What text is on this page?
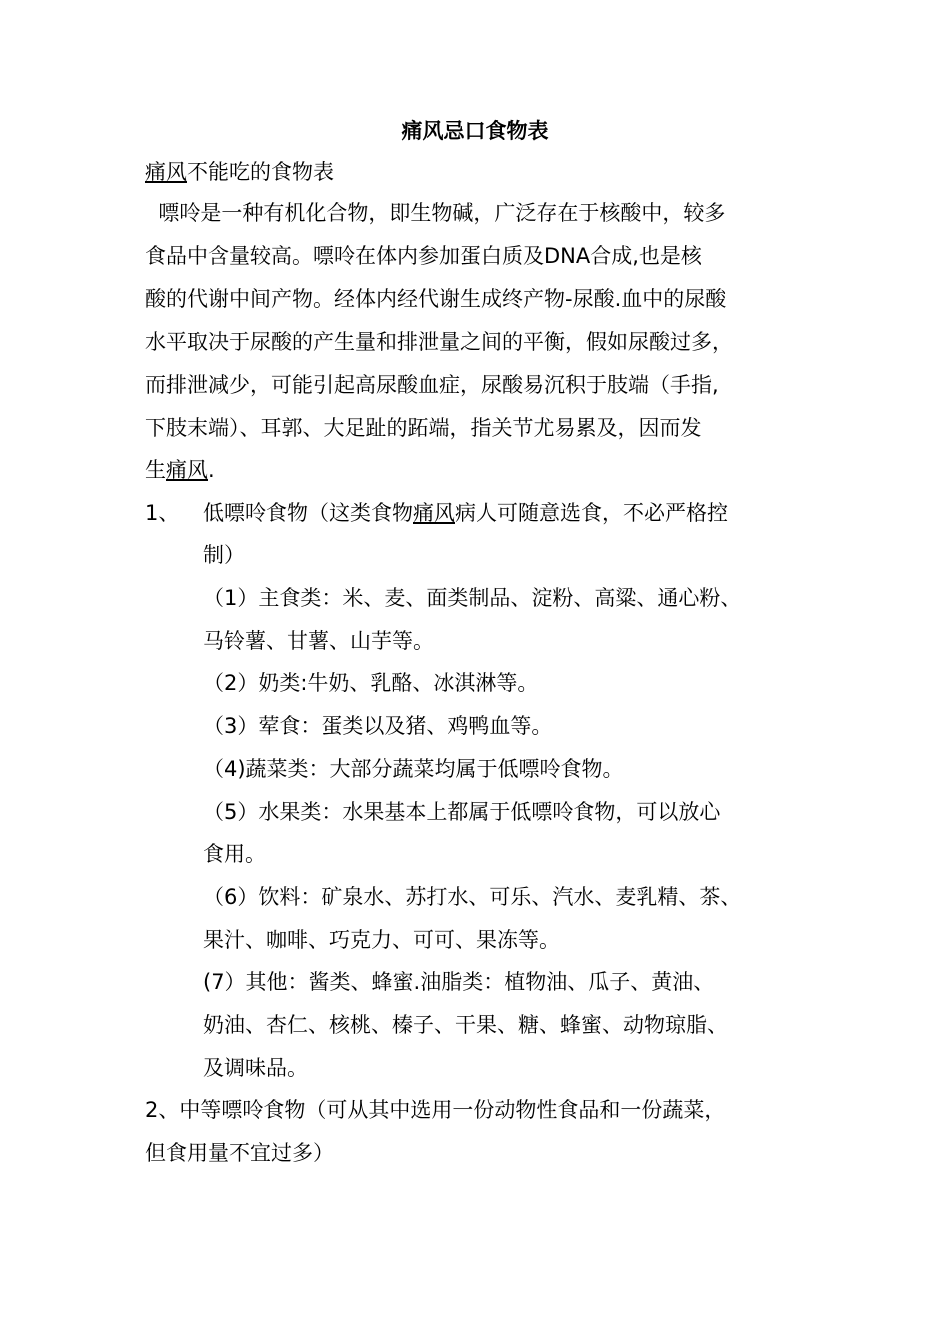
痛风忌口食物表
痛风不能吃的食物表
嘌呤是一种有机化合物，即生物碱，广泛存在于核酸中，较多
食品中含量较高。嘌呤在体内参加蛋白质及DNA合成,也是核
酸的代谢中间产物。经体内经代谢生成终产物-尿酸.血中的尿酸
水平取决于尿酸的产生量和排泄量之间的平衡，假如尿酸过多，
而排泄减少，可能引起高尿酸血症，尿酸易沉积于肢端（手指,
下肢末端）、耳郭、大足趾的跖端，指关节尤易累及，因而发
生痛风.
1、 低嘌呤食物（这类食物痛风病人可随意选食，不必严格控
制）
（1）主食类：米、麦、面类制品、淀粉、高粱、通心粉、
马铃薯、甘薯、山芋等。
（2）奶类:牛奶、乳酪、冰淇淋等。
（3）荤食：蛋类以及猪、鸡鸭血等。
（4)蔬菜类：大部分蔬菜均属于低嘌呤食物。
（5）水果类：水果基本上都属于低嘌呤食物，可以放心
食用。
（6）饮料：矿泉水、苏打水、可乐、汽水、麦乳精、茶、
果汁、咖啡、巧克力、可可、果冻等。
(7）其他：酱类、蜂蜜.油脂类：植物油、瓜子、黄油、
奶油、杏仁、核桃、榛子、干果、糖、蜂蜜、动物琼脂、
及调味品。
2、中等嘌呤食物（可从其中选用一份动物性食品和一份蔬菜，
但食用量不宜过多）
